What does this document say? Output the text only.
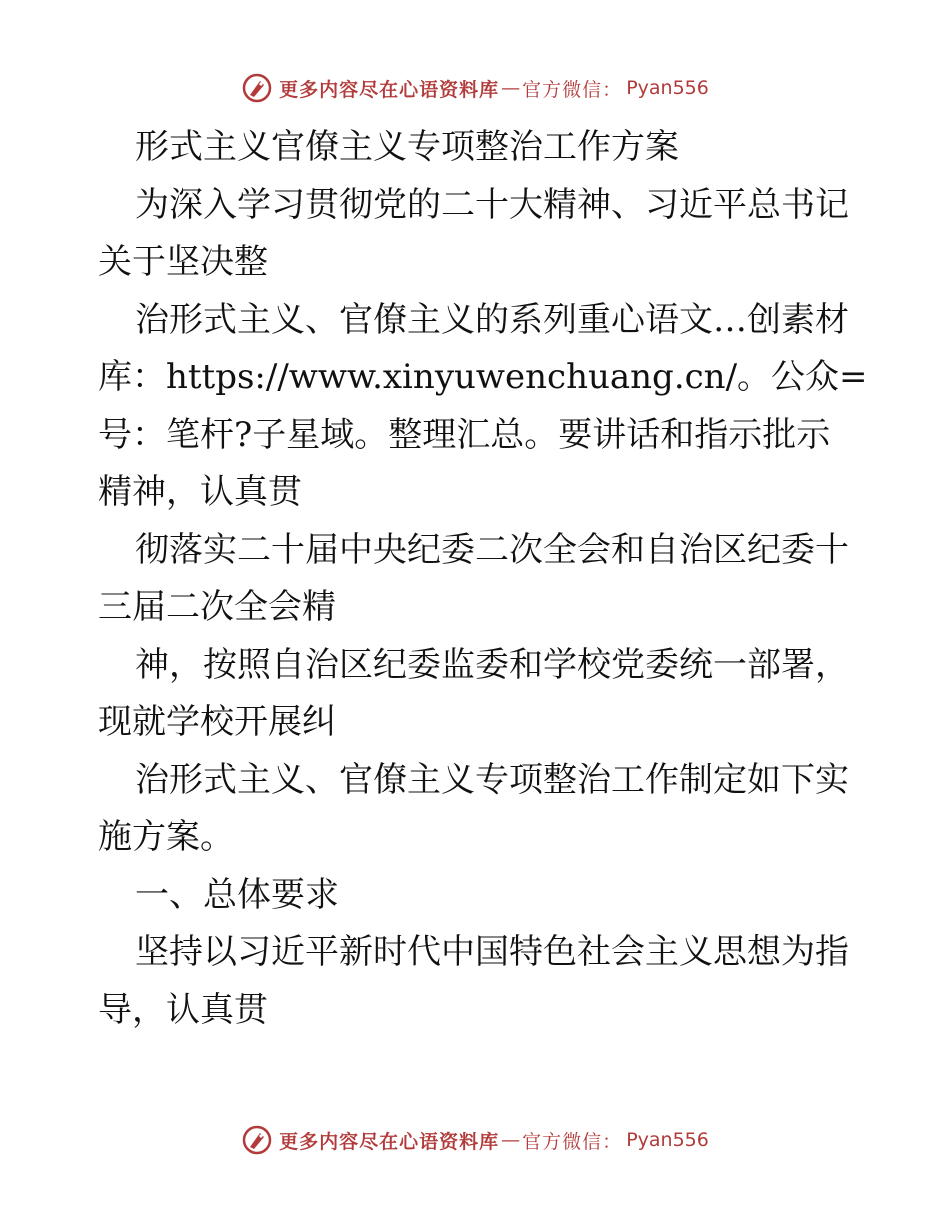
更多内容尽在心语资料库 — 官方微信： Pyan556
形式主义官僚主义专项整治工作方案
为深入学习贯彻党的二十大精神、习近平总书记
关于坚决整
治形式主义、官僚主义的系列重心语文…创素材
库：https://www.xinyuwenchuang.cn/。公众=
号：笔杆?子星域。整理汇总。要讲话和指示批示
精神，认真贯
彻落实二十届中央纪委二次全会和自治区纪委十
三届二次全会精
神，按照自治区纪委监委和学校党委统一部署，
现就学校开展纠
治形式主义、官僚主义专项整治工作制定如下实
施方案。
一、总体要求
坚持以习近平新时代中国特色社会主义思想为指
导，认真贯
更多内容尽在心语资料库 — 官方微信： Pyan556
